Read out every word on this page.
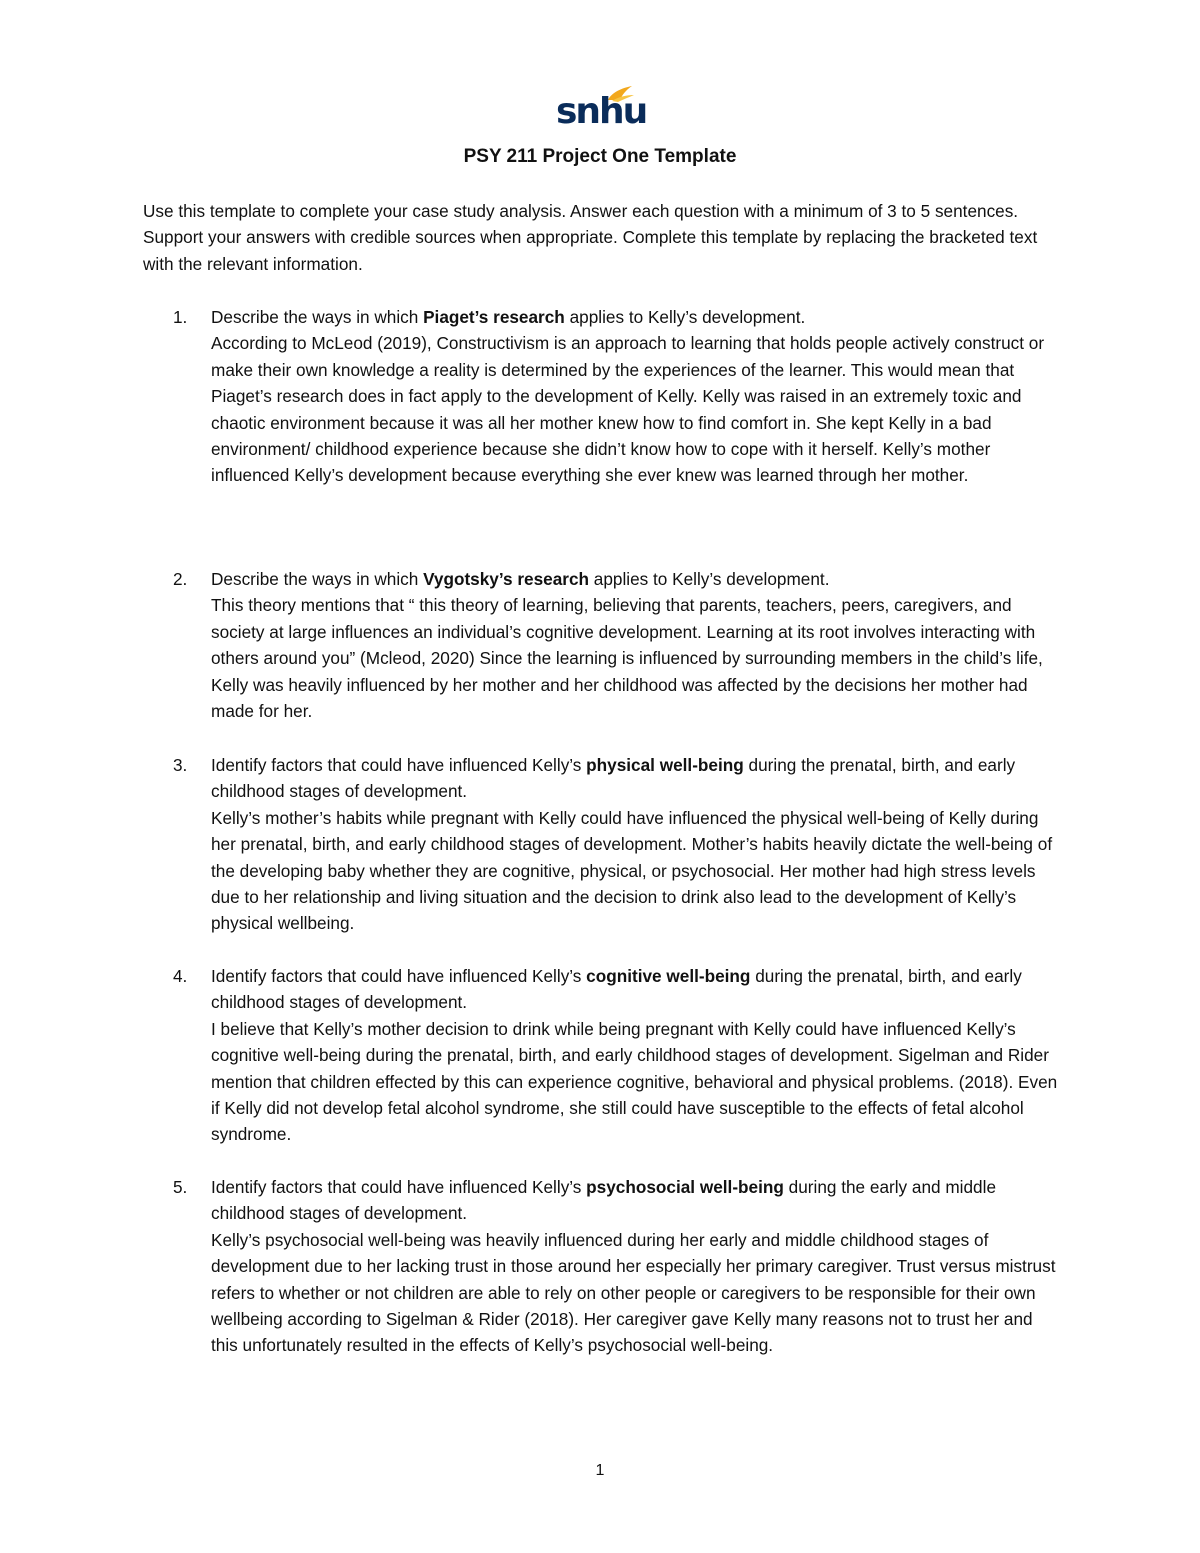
snhu
PSY 211 Project One Template
Use this template to complete your case study analysis. Answer each question with a minimum of 3 to 5 sentences. Support your answers with credible sources when appropriate. Complete this template by replacing the bracketed text with the relevant information.
1.	Describe the ways in which Piaget’s research applies to Kelly’s development.

According to McLeod (2019), Constructivism is an approach to learning that holds people actively construct or make their own knowledge a reality is determined by the experiences of the learner. This would mean that Piaget’s research does in fact apply to the development of Kelly. Kelly was raised in an extremely toxic and chaotic environment because it was all her mother knew how to find comfort in. She kept Kelly in a bad environment/ childhood experience because she didn’t know how to cope with it herself. Kelly’s mother influenced Kelly’s development because everything she ever knew was learned through her mother.

2.	Describe the ways in which Vygotsky’s research applies to Kelly’s development.

This theory mentions that “ this theory of learning, believing that parents, teachers, peers, caregivers, and society at large influences an individual’s cognitive development. Learning at its root involves interacting with others around you” (Mcleod, 2020) Since the learning is influenced by surrounding members in the child’s life, Kelly was heavily influenced by her mother and her childhood was affected by the decisions her mother had made for her.

3.	Identify factors that could have influenced Kelly’s physical well-being during the prenatal, birth, and early childhood stages of development.

Kelly’s mother’s habits while pregnant with Kelly could have influenced the physical well-being of Kelly during her prenatal, birth, and early childhood stages of development. Mother’s habits heavily dictate the well-being of the developing baby whether they are cognitive, physical, or psychosocial. Her mother had high stress levels due to her relationship and living situation and the decision to drink also lead to the development of Kelly’s physical wellbeing.

4.	Identify factors that could have influenced Kelly’s cognitive well-being during the prenatal, birth, and early childhood stages of development.

I believe that Kelly’s mother decision to drink while being pregnant with Kelly could have influenced Kelly’s cognitive well-being during the prenatal, birth, and early childhood stages of development. Sigelman and Rider mention that children effected by this can experience cognitive, behavioral and physical problems. (2018). Even if Kelly did not develop fetal alcohol syndrome, she still could have susceptible to the effects of fetal alcohol syndrome.

5.	Identify factors that could have influenced Kelly’s psychosocial well-being during the early and middle childhood stages of development.

Kelly’s psychosocial well-being was heavily influenced during her early and middle childhood stages of development due to her lacking trust in those around her especially her primary caregiver. Trust versus mistrust refers to whether or not children are able to rely on other people or caregivers to be responsible for their own wellbeing according to Sigelman & Rider (2018). Her caregiver gave Kelly many reasons not to trust her and this unfortunately resulted in the effects of Kelly’s psychosocial well-being.

1
